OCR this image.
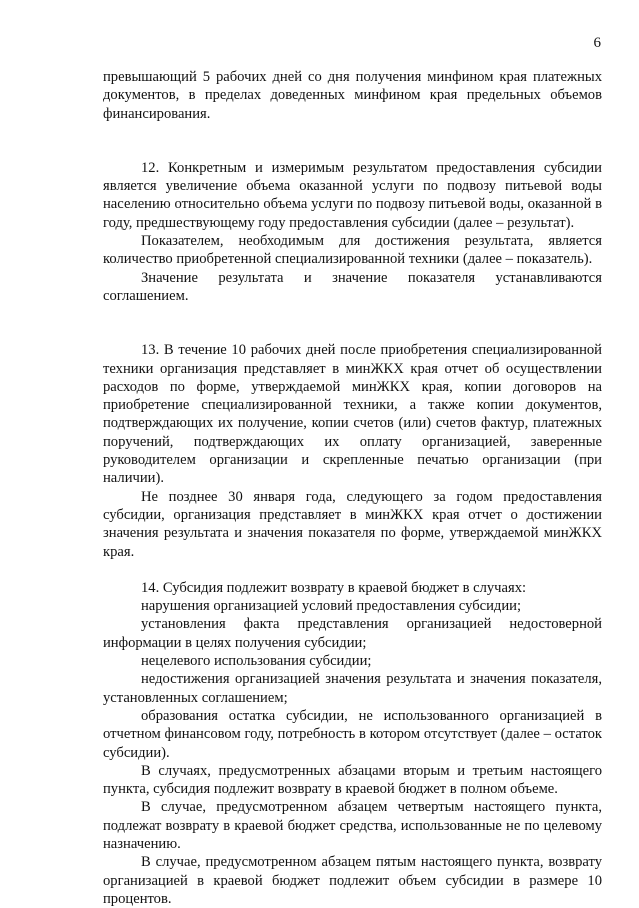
6

превышающий 5 рабочих дней со дня получения минфином края платежных документов, в пределах доведенных минфином края предельных объемов финансирования.

12. Конкретным и измеримым результатом предоставления субсидии является увеличение объема оказанной услуги по подвозу питьевой воды населению относительно объема услуги по подвозу питьевой воды, оказанной в году, предшествующему году предоставления субсидии (далее – результат).

Показателем, необходимым для достижения результата, является количество приобретенной специализированной техники (далее – показатель).

Значение результата и значение показателя устанавливаются соглашением.

13. В течение 10 рабочих дней после приобретения специализированной техники организация представляет в минЖКХ края отчет об осуществлении расходов по форме, утверждаемой минЖКХ края, копии договоров на приобретение специализированной техники, а также копии документов, подтверждающих их получение, копии счетов (или) счетов фактур, платежных поручений, подтверждающих их оплату организацией, заверенные руководителем организации и скрепленные печатью организации (при наличии).

Не позднее 30 января года, следующего за годом предоставления субсидии, организация представляет в минЖКХ края отчет о достижении значения результата и значения показателя по форме, утверждаемой минЖКХ края.

14. Субсидия подлежит возврату в краевой бюджет в случаях:

нарушения организацией условий предоставления субсидии;

установления факта представления организацией недостоверной информации в целях получения субсидии;

нецелевого использования субсидии;

недостижения организацией значения результата и значения показателя, установленных соглашением;

образования остатка субсидии, не использованного организацией в отчетном финансовом году, потребность в котором отсутствует (далее – остаток субсидии).

В случаях, предусмотренных абзацами вторым и третьим настоящего пункта, субсидия подлежит возврату в краевой бюджет в полном объеме.

В случае, предусмотренном абзацем четвертым настоящего пункта, подлежат возврату в краевой бюджет средства, использованные не по целевому назначению.

В случае, предусмотренном абзацем пятым настоящего пункта, возврату организацией в краевой бюджет подлежит объем субсидии в размере 10 процентов.
